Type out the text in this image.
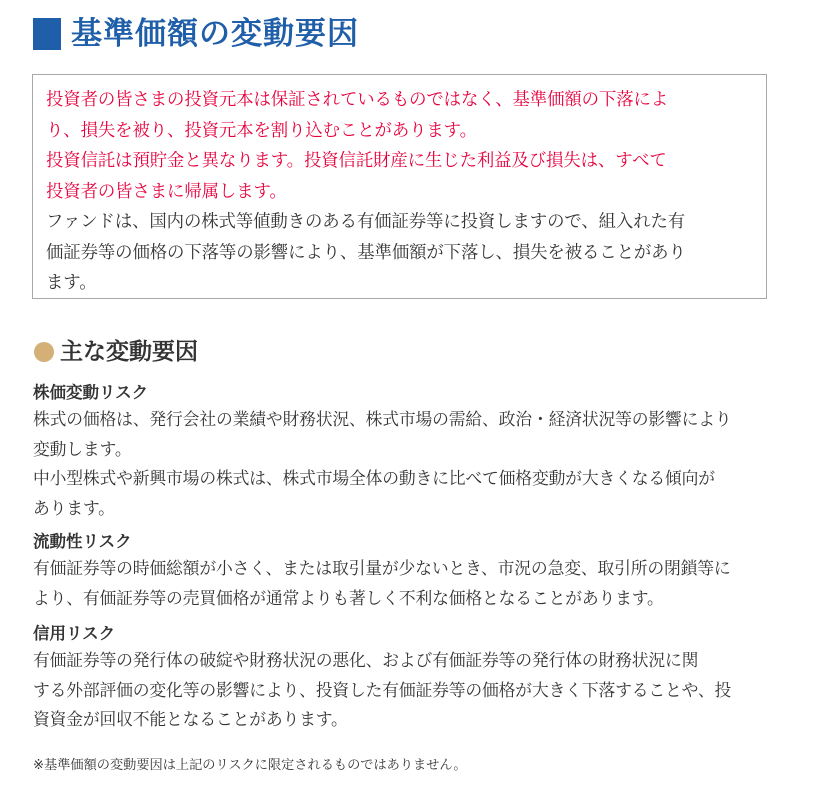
基準価額の変動要因
投資者の皆さまの投資元本は保証されているものではなく、基準価額の下落によ
り、損失を被り、投資元本を割り込むことがあります。
投資信託は預貯金と異なります。投資信託財産に生じた利益及び損失は、すべて
投資者の皆さまに帰属します。
ファンドは、国内の株式等値動きのある有価証券等に投資しますので、組入れた有
価証券等の価格の下落等の影響により、基準価額が下落し、損失を被ることがあり
ます。
主な変動要因
株価変動リスク
株式の価格は、発行会社の業績や財務状況、株式市場の需給、政治・経済状況等の影響により
変動します。
中小型株式や新興市場の株式は、株式市場全体の動きに比べて価格変動が大きくなる傾向が
あります。
流動性リスク
有価証券等の時価総額が小さく、または取引量が少ないとき、市況の急変、取引所の閉鎖等に
より、有価証券等の売買価格が通常よりも著しく不利な価格となることがあります。
信用リスク
有価証券等の発行体の破綻や財務状況の悪化、および有価証券等の発行体の財務状況に関
する外部評価の変化等の影響により、投資した有価証券等の価格が大きく下落することや、投
資資金が回収不能となることがあります。
※基準価額の変動要因は上記のリスクに限定されるものではありません。
